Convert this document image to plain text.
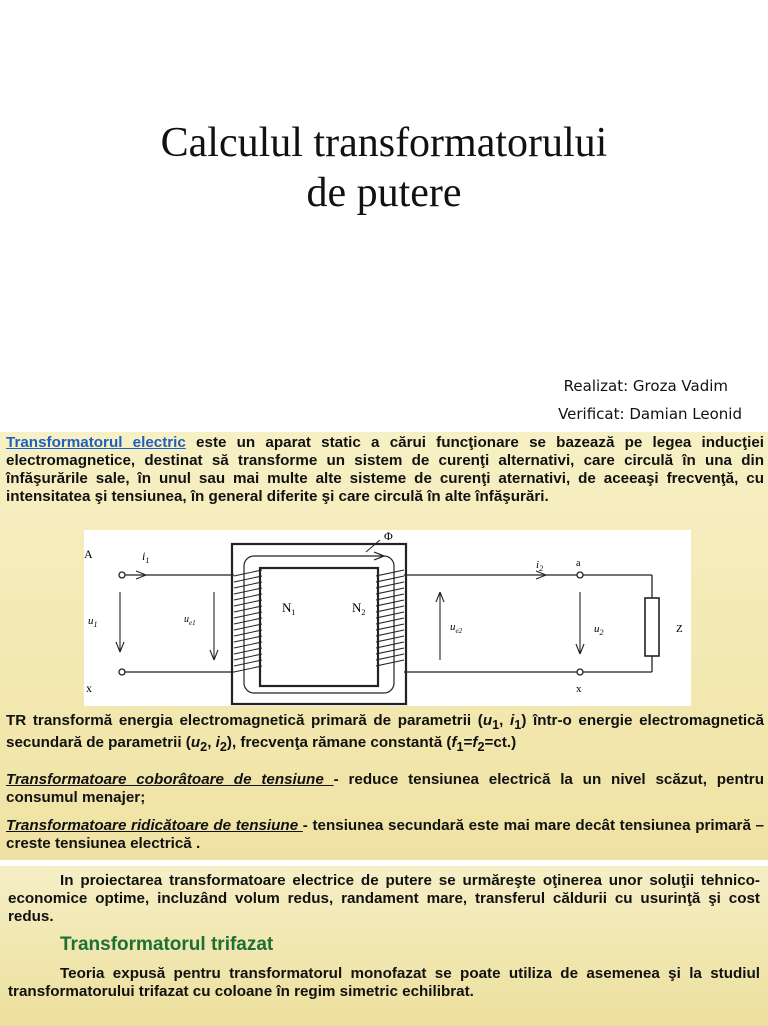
Calculul transformatorului
de putere
Realizat: Groza Vadim
Verificat: Damian Leonid
Transformatorul electric este un aparat static a cărui funcţionare se bazează pe legea inducţiei electromagnetice, destinat să transforme un sistem de curenţi alternativi, care circulă în una din înfăşurările sale, în unul sau mai multe alte sisteme de curenţi aternativi, de aceeaşi frecvenţă, cu intensitatea şi tensiunea, în general diferite şi care circulă în alte înfăşurări.
Φ
A	$i_1$
$u_1$
x
$u_{e1}$
$N_1$	$N_2$
$i_2$	a
$u_{e2}$	$u_2$
x
Z
TR transformă energia electromagnetică primară de parametrii ($u_1$, $i_1$) într-o energie electromagnetică secundară de parametrii ($u_2$, $i_2$), frecvenţa rămane constantă $(f_1=f_2=ct.)$
Transformatoare coborâtoare de tensiune - reduce tensiunea electrică la un nivel scăzut, pentru consumul menajer;
Transformatoare ridicătoare de tensiune - tensiunea secundară este mai mare decât tensiunea primară – creste tensiunea electrică .
In proiectarea transformatoare electrice de putere se urmăreşte oţinerea unor soluţii tehnico-economice optime, incluzând volum redus, randament mare, transferul căldurii cu usurinţă şi cost redus.
Transformatorul trifazat
Teoria expusă pentru transformatorul monofazat se poate utiliza de asemenea şi la studiul transformatorului trifazat cu coloane în regim simetric echilibrat.
